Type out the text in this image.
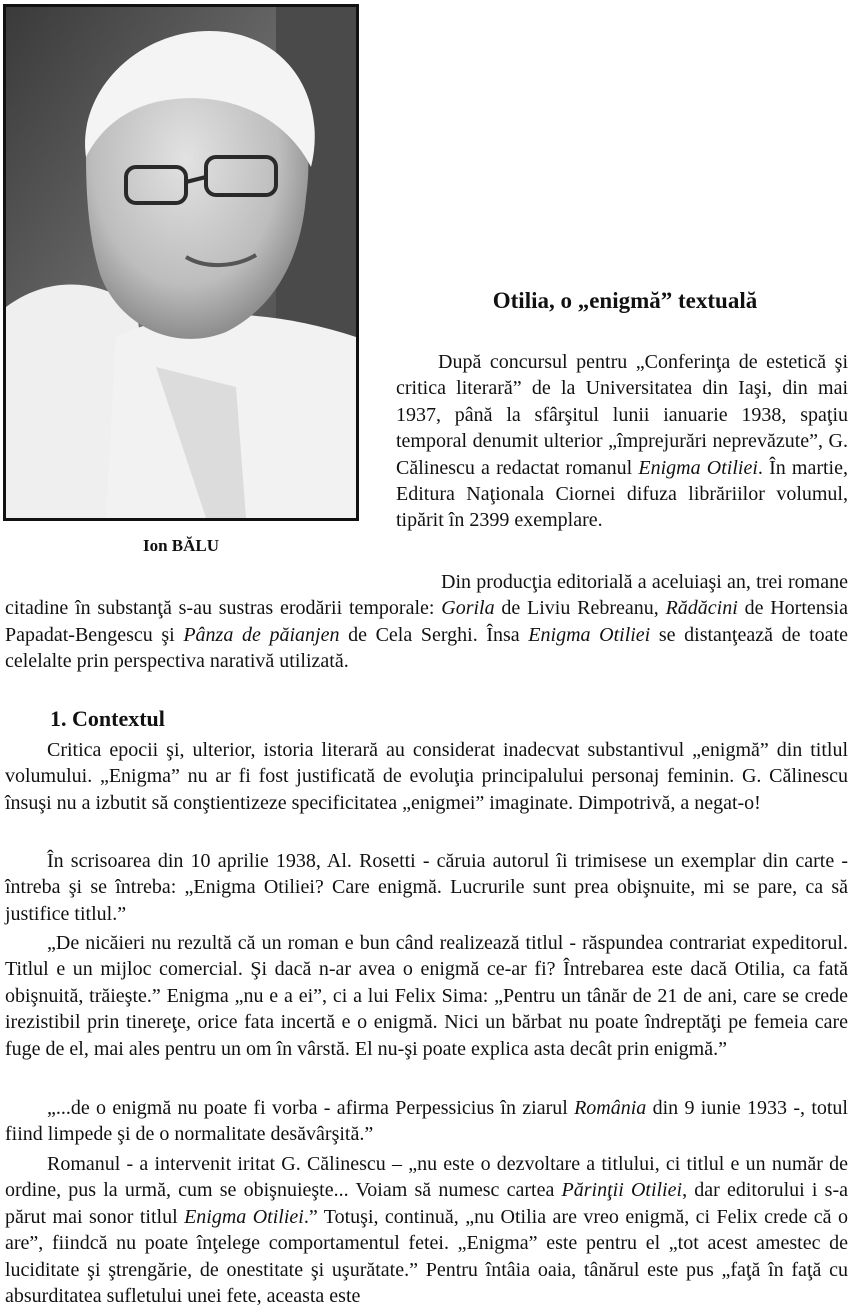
Ion BĂLU
Otilia, o „enigmă” textuală

După concursul pentru „Conferinţa de estetică şi critica literară” de la Universitatea din Iaşi, din mai 1937, până la sfârşitul lunii ianuarie 1938, spaţiu temporal denumit ulterior „împrejurări neprevăzute”, G. Călinescu a redactat romanul Enigma Otiliei. În martie, Editura Naţionala Ciornei difuza librăriilor volumul, tipărit în 2399 exemplare.

Din producţia editorială a aceluiaşi an, trei romane citadine în substanţă s-au sustras erodării temporale: Gorila de Liviu Rebreanu, Rădăcini de Hortensia Papadat-Bengescu şi Pânza de păianjen de Cela Serghi. Însa Enigma Otiliei se distanţează de toate celelalte prin perspectiva narativă utilizată.

1. Contextul

Critica epocii şi, ulterior, istoria literară au considerat inadecvat substantivul „enigmă” din titlul volumului. „Enigma” nu ar fi fost justificată de evoluţia principalului personaj feminin. G. Călinescu însuşi nu a izbutit să conştientizeze specificitatea „enigmei” imaginate. Dimpotrivă, a negat-o!

În scrisoarea din 10 aprilie 1938, Al. Rosetti - căruia autorul îi trimisese un exemplar din carte - întreba şi se întreba: „Enigma Otiliei? Care enigmă. Lucrurile sunt prea obişnuite, mi se pare, ca să justifice titlul.”

„De nicăieri nu rezultă că un roman e bun când realizează titlul - răspundea contrariat expeditorul. Titlul e un mijloc comercial. Şi dacă n-ar avea o enigmă ce-ar fi? Întrebarea este dacă Otilia, ca fată obişnuită, trăieşte.” Enigma „nu e a ei”, ci a lui Felix Sima: „Pentru un tânăr de 21 de ani, care se crede irezistibil prin tinereţe, orice fata incertă e o enigmă. Nici un bărbat nu poate îndreptăţi pe femeia care fuge de el, mai ales pentru un om în vârstă. El nu-şi poate explica asta decât prin enigmă.”

„...de o enigmă nu poate fi vorba - afirma Perpessicius în ziarul România din 9 iunie 1933 -, totul fiind limpede şi de o normalitate desăvârşită.”

Romanul - a intervenit iritat G. Călinescu – „nu este o dezvoltare a titlului, ci titlul e un număr de ordine, pus la urmă, cum se obişnuieşte... Voiam să numesc cartea Părinţii Otiliei, dar editorului i s-a părut mai sonor titlul Enigma Otiliei.” Totuşi, continuă, „nu Otilia are vreo enigmă, ci Felix crede că o are”, fiindcă nu poate înţelege comportamentul fetei. „Enigma” este pentru el „tot acest amestec de luciditate şi ştrengărie, de onestitate şi uşurătate.” Pentru întâia oaia, tânărul este pus „faţă în faţă cu absurditatea sufletului unei fete, aceasta este
